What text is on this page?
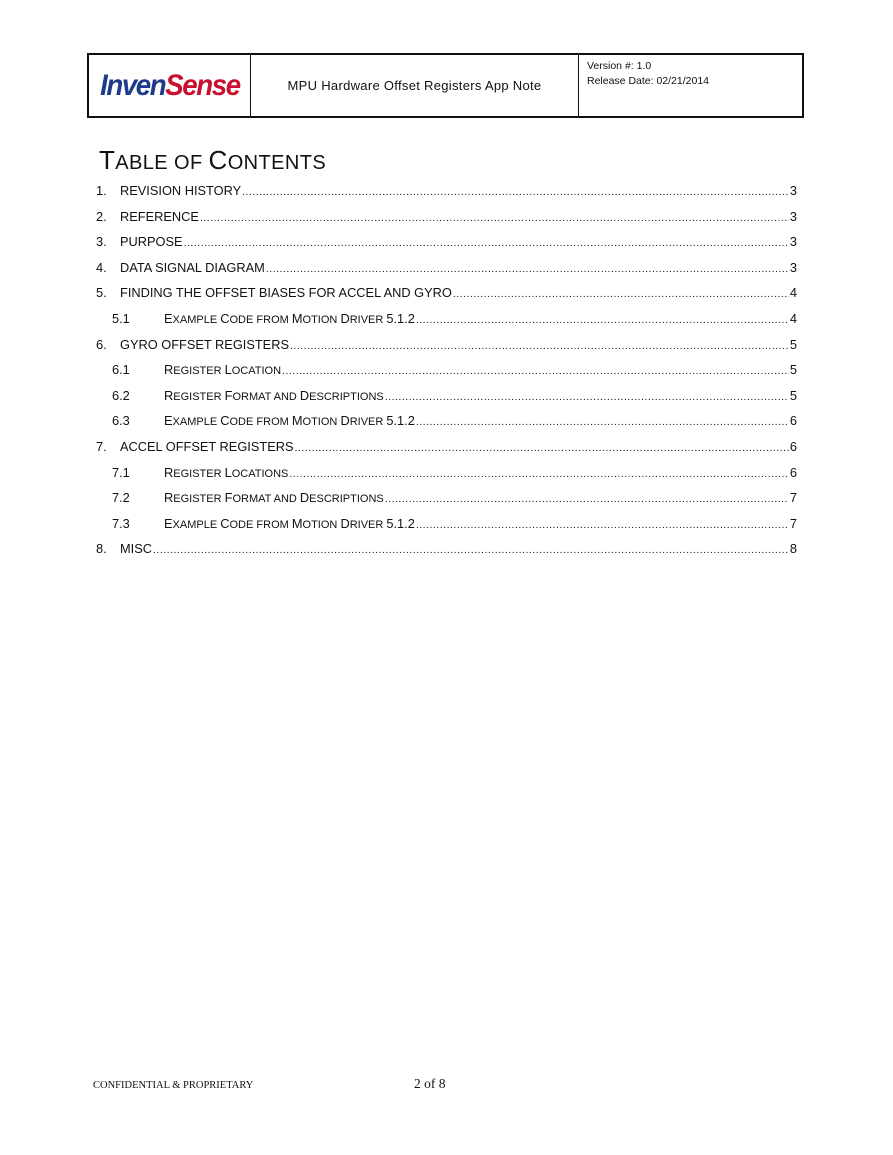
InvenSense	MPU Hardware Offset Registers App Note
Version #: 1.0
Release Date: 02/21/2014
TABLE OF CONTENTS
1.	REVISION HISTORY .....	3
2.	REFERENCE .....	3
3.	PURPOSE .....	3
4.	DATA SIGNAL DIAGRAM .....	3
5.	FINDING THE OFFSET BIASES FOR ACCEL AND GYRO .....	4
5.1	EXAMPLE CODE FROM MOTION DRIVER 5.1.2 .....	4
6.	GYRO OFFSET REGISTERS .....	5
6.1	REGISTER LOCATION .....	5
6.2	REGISTER FORMAT AND DESCRIPTIONS .....	5
6.3	EXAMPLE CODE FROM MOTION DRIVER 5.1.2 .....	6
7.	ACCEL OFFSET REGISTERS .....	6
7.1	REGISTER LOCATIONS .....	6
7.2	REGISTER FORMAT AND DESCRIPTIONS .....	7
7.3	EXAMPLE CODE FROM MOTION DRIVER 5.1.2 .....	7
8.	MISC .....	8
CONFIDENTIAL & PROPRIETARY	2 of 8
